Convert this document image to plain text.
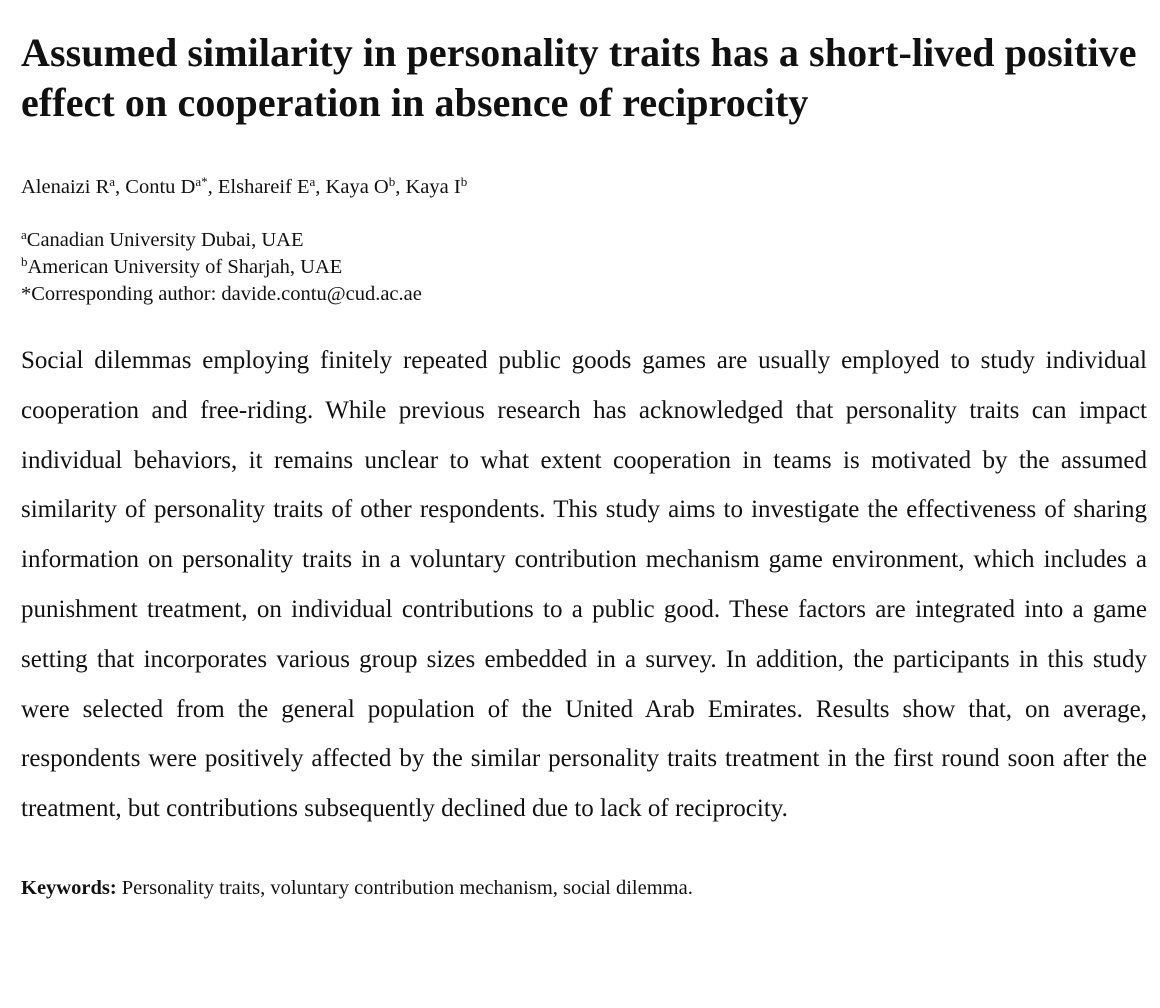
Assumed similarity in personality traits has a short-lived positive effect on cooperation in absence of reciprocity
Alenaizi $R^a$, Contu $D^{a*}$, Elshareif $E^a$, Kaya $O^b$, Kaya $I^b$
$^a$Canadian University Dubai, UAE
$^b$American University of Sharjah, UAE
*Corresponding author: davide.contu@cud.ac.ae

Social dilemmas employing finitely repeated public goods games are usually employed to study individual cooperation and free-riding. While previous research has acknowledged that personality traits can impact individual behaviors, it remains unclear to what extent cooperation in teams is motivated by the assumed similarity of personality traits of other respondents. This study aims to investigate the effectiveness of sharing information on personality traits in a voluntary contribution mechanism game environment, which includes a punishment treatment, on individual contributions to a public good. These factors are integrated into a game setting that incorporates various group sizes embedded in a survey. In addition, the participants in this study were selected from the general population of the United Arab Emirates. Results show that, on average, respondents were positively affected by the similar personality traits treatment in the first round soon after the treatment, but contributions subsequently declined due to lack of reciprocity.

Keywords: Personality traits, voluntary contribution mechanism, social dilemma.
